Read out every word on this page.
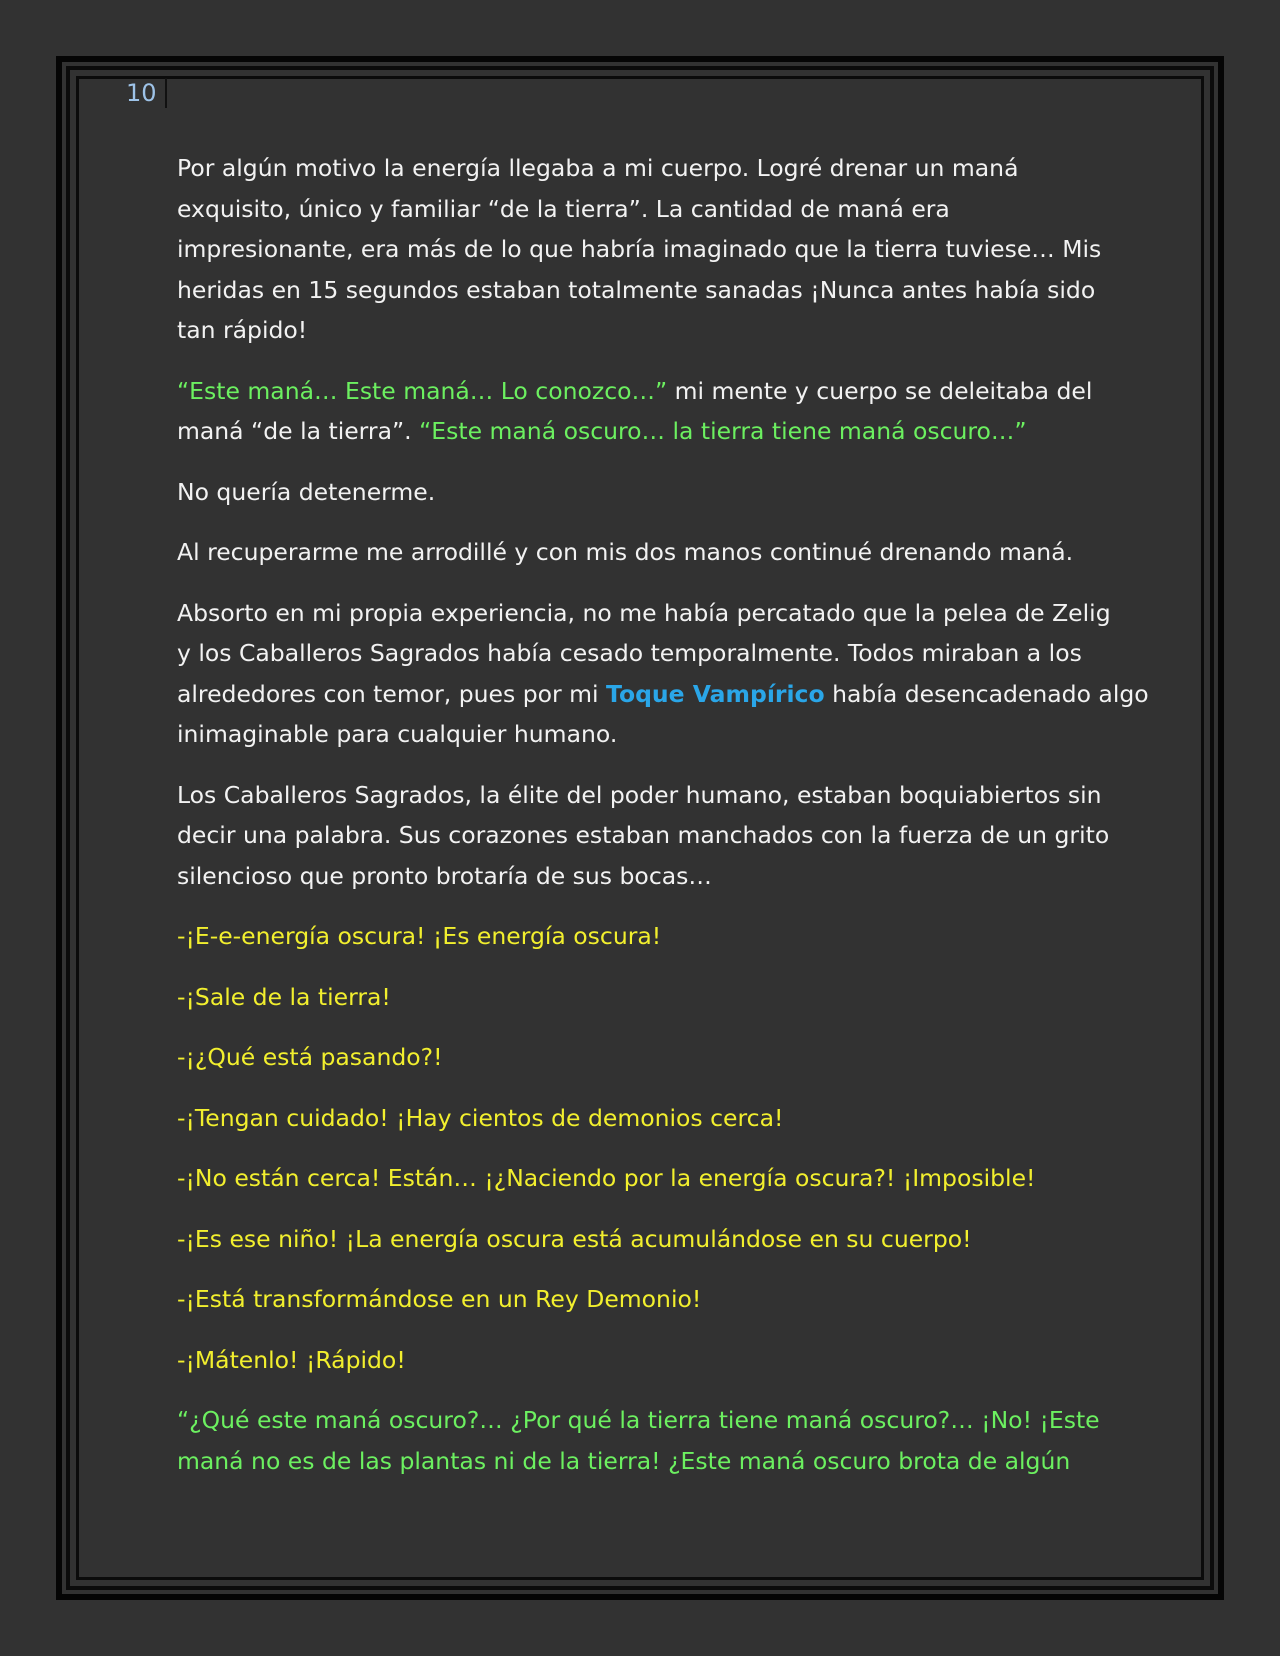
10

Por algún motivo la energía llegaba a mi cuerpo. Logré drenar un maná
exquisito, único y familiar “de la tierra”. La cantidad de maná era
impresionante, era más de lo que habría imaginado que la tierra tuviese… Mis
heridas en 15 segundos estaban totalmente sanadas ¡Nunca antes había sido
tan rápido!

“Este maná… Este maná… Lo conozco…” mi mente y cuerpo se deleitaba del
maná “de la tierra”. “Este maná oscuro… la tierra tiene maná oscuro…”

No quería detenerme.

Al recuperarme me arrodillé y con mis dos manos continué drenando maná.

Absorto en mi propia experiencia, no me había percatado que la pelea de Zelig
y los Caballeros Sagrados había cesado temporalmente. Todos miraban a los
alrededores con temor, pues por mi Toque Vampírico había desencadenado algo
inimaginable para cualquier humano.

Los Caballeros Sagrados, la élite del poder humano, estaban boquiabiertos sin
decir una palabra. Sus corazones estaban manchados con la fuerza de un grito
silencioso que pronto brotaría de sus bocas…

-¡E-e-energía oscura! ¡Es energía oscura!

-¡Sale de la tierra!

-¡¿Qué está pasando?!

-¡Tengan cuidado! ¡Hay cientos de demonios cerca!

-¡No están cerca! Están… ¡¿Naciendo por la energía oscura?! ¡Imposible!

-¡Es ese niño! ¡La energía oscura está acumulándose en su cuerpo!

-¡Está transformándose en un Rey Demonio!

-¡Mátenlo! ¡Rápido!

“¿Qué este maná oscuro?… ¿Por qué la tierra tiene maná oscuro?… ¡No! ¡Este
maná no es de las plantas ni de la tierra! ¿Este maná oscuro brota de algún
